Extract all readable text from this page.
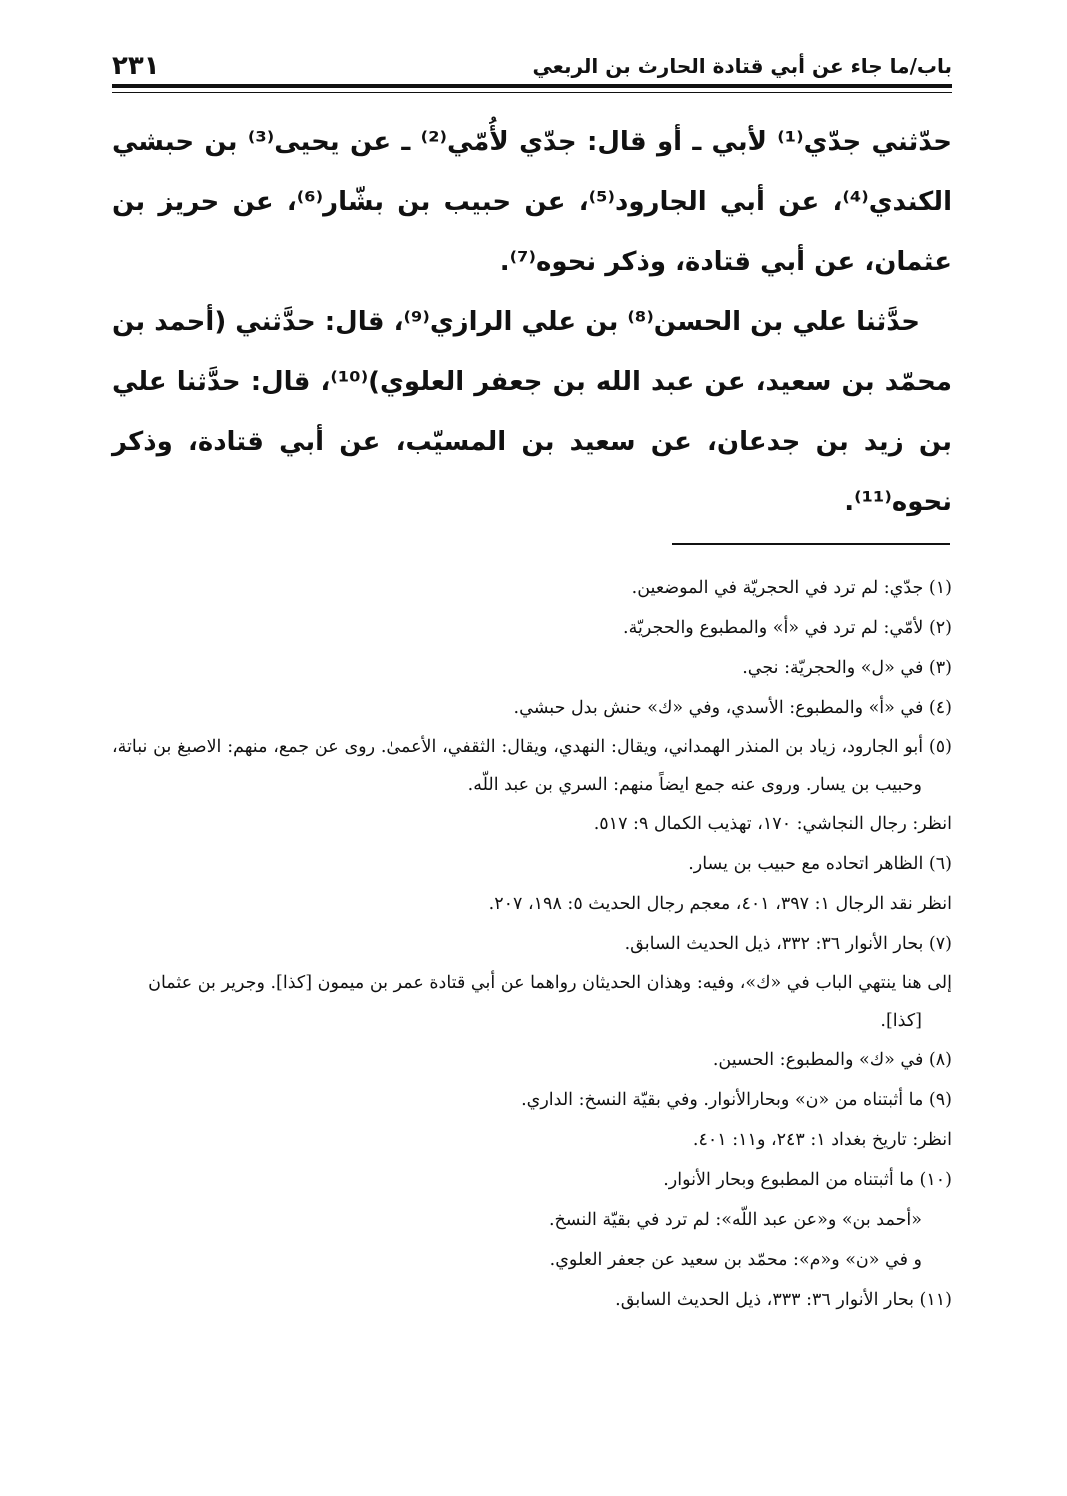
باب/ما جاء عن أبي قتادة الحارث بن الربعي
٢٣١

حدّثني جدّي⁽¹⁾ لأبي ـ أو قال: جدّي لأُمّي⁽²⁾ ـ عن يحيى⁽³⁾ بن حبشي الكندي⁽⁴⁾، عن أبي الجارود⁽⁵⁾، عن حبيب بن بشّار⁽⁶⁾، عن حريز بن عثمان، عن أبي قتادة، وذكر نحوه⁽⁷⁾.

حدَّثنا علي بن الحسن⁽⁸⁾ بن علي الرازي⁽⁹⁾، قال: حدَّثني (أحمد بن محمّد بن سعيد، عن عبد الله بن جعفر العلوي)⁽¹⁰⁾، قال: حدَّثنا علي بن زيد بن جدعان، عن سعيد بن المسيّب، عن أبي قتادة، وذكر نحوه⁽¹¹⁾.

(١) جدّي: لم ترد في الحجريّة في الموضعين.

(٢) لأمّي: لم ترد في «أ» والمطبوع والحجريّة.

(٣) في «ل» والحجريّة: نجي.

(٤) في «أ» والمطبوع: الأسدي، وفي «ك» حنش بدل حبشي.

(٥) أبو الجارود، زياد بن المنذر الهمداني، ويقال: النهدي، ويقال: الثقفي، الأعمىٰ. روى عن جمع، منهم: الاصبغ بن نباتة، وحبيب بن يسار. وروى عنه جمع ايضاً منهم: السري بن عبد اللّه.

انظر: رجال النجاشي: ١٧٠، تهذيب الكمال ٩: ٥١٧.

(٦) الظاهر اتحاده مع حبيب بن يسار.

انظر نقد الرجال ١: ٣٩٧، ٤٠١، معجم رجال الحديث ٥: ١٩٨، ٢٠٧.

(٧) بحار الأنوار ٣٦: ٣٣٢، ذيل الحديث السابق.

إلى هنا ينتهي الباب في «ك»، وفيه: وهذان الحديثان رواهما عن أبي قتادة عمر بن ميمون [كذا]. وجرير بن عثمان [كذا].

(٨) في «ك» والمطبوع: الحسين.

(٩) ما أثبتناه من «ن» وبحارالأنوار. وفي بقيّة النسخ: الداري.

انظر: تاريخ بغداد ١: ٢٤٣، و١١: ٤٠١.

(١٠) ما أثبتناه من المطبوع وبحار الأنوار.

«أحمد بن» و«عن عبد اللّه»: لم ترد في بقيّة النسخ.

و في «ن» و«م»: محمّد بن سعيد عن جعفر العلوي.

(١١) بحار الأنوار ٣٦: ٣٣٣، ذيل الحديث السابق.
